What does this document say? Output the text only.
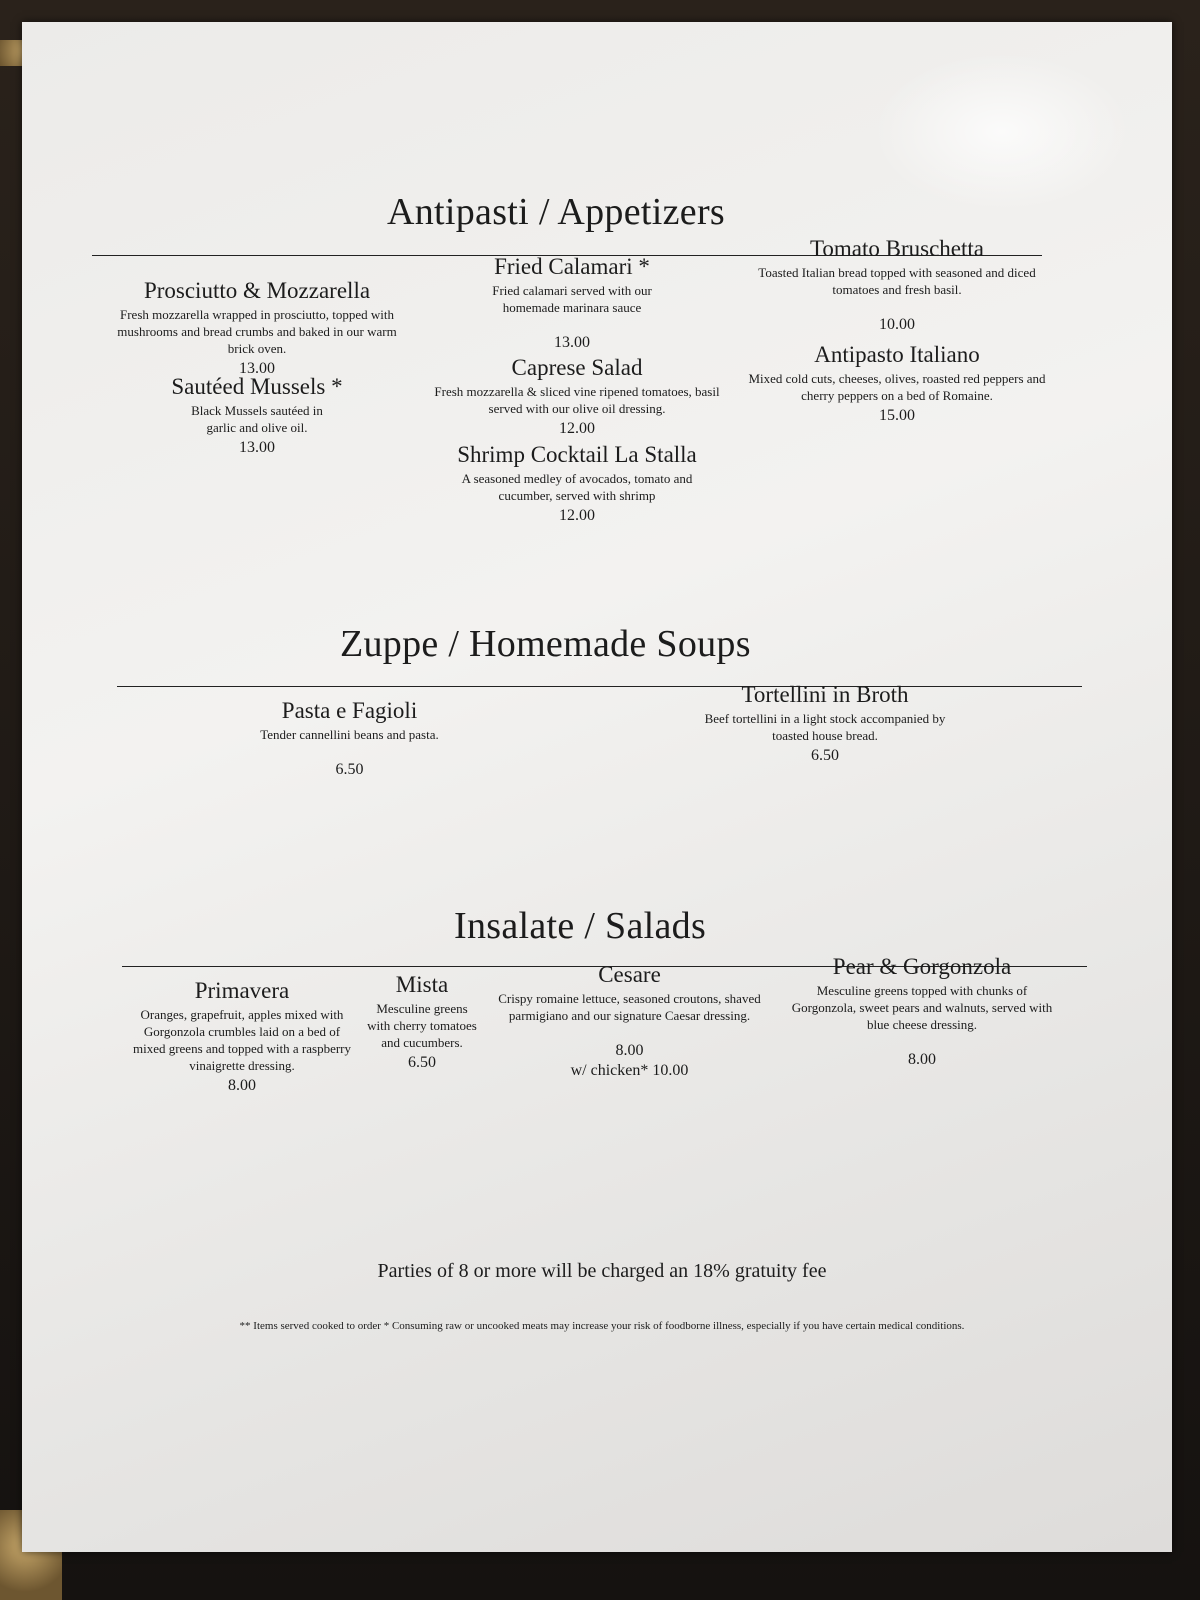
Antipasti / Appetizers
Prosciutto & Mozzarella
Fresh mozzarella wrapped in prosciutto, topped with mushrooms and bread crumbs and baked in our warm brick oven.
13.00
Sautéed Mussels *
Black Mussels sautéed in garlic and olive oil.
13.00
Fried Calamari *
Fried calamari served with our homemade marinara sauce
13.00
Caprese Salad
Fresh mozzarella & sliced vine ripened tomatoes, basil served with our olive oil dressing.
12.00
Shrimp Cocktail La Stalla
A seasoned medley of avocados, tomato and cucumber, served with shrimp
12.00
Tomato Bruschetta
Toasted Italian bread topped with seasoned and diced tomatoes and fresh basil.
10.00
Antipasto Italiano
Mixed cold cuts, cheeses, olives, roasted red peppers and cherry peppers on a bed of Romaine.
15.00
Zuppe / Homemade Soups
Pasta e Fagioli
Tender cannellini beans and pasta.
6.50
Tortellini in Broth
Beef tortellini in a light stock accompanied by toasted house bread.
6.50
Insalate / Salads
Primavera
Oranges, grapefruit, apples mixed with Gorgonzola crumbles laid on a bed of mixed greens and topped with a raspberry vinaigrette dressing.
8.00
Mista
Mesculine greens with cherry tomatoes and cucumbers.
6.50
Cesare
Crispy romaine lettuce, seasoned croutons, shaved parmigiano and our signature Caesar dressing.
8.00
w/ chicken* 10.00
Pear & Gorgonzola
Mesculine greens topped with chunks of Gorgonzola, sweet pears and walnuts, served with blue cheese dressing.
8.00
Parties of 8 or more will be charged an 18% gratuity fee
** Items served cooked to order * Consuming raw or uncooked meats may increase your risk of foodborne illness, especially if you have certain medical conditions.
